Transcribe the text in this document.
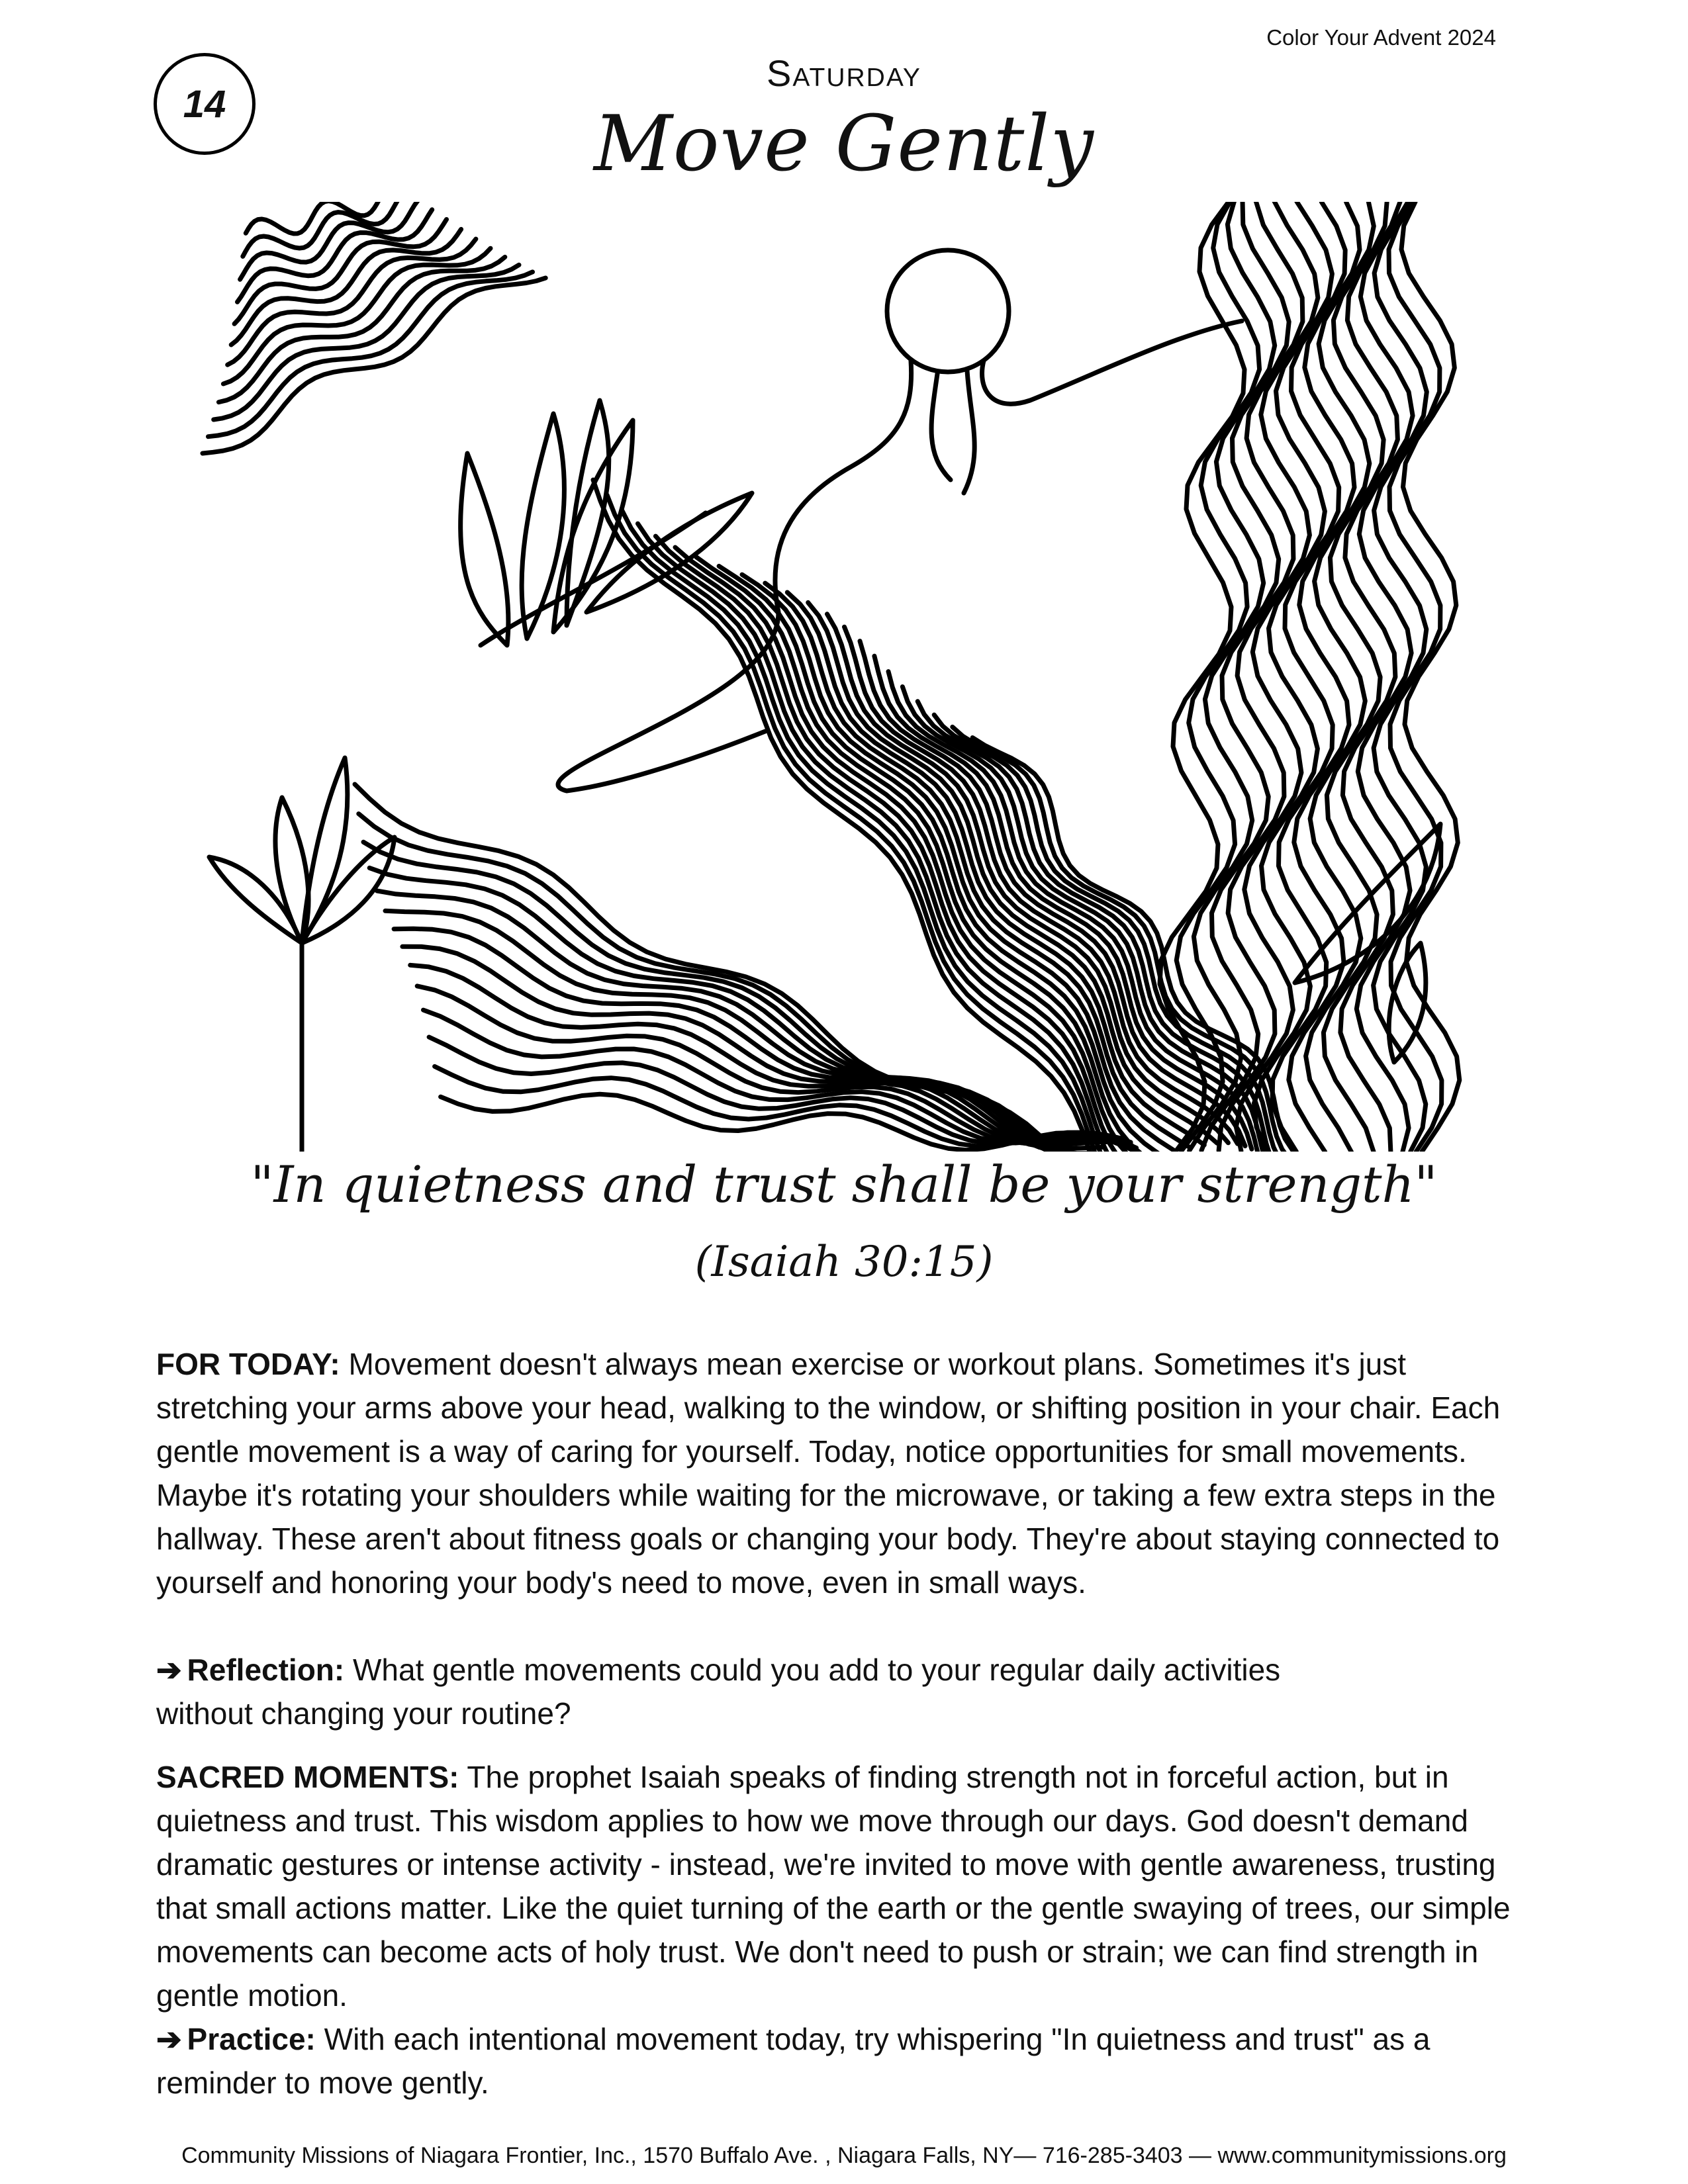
Color Your Advent 2024
14
Saturday
Move Gently
"In quietness and trust shall be your strength"
(Isaiah 30:15)
FOR TODAY: Movement doesn't always mean exercise or workout plans. Sometimes it's just stretching your arms above your head, walking to the window, or shifting position in your chair. Each gentle movement is a way of caring for yourself. Today, notice opportunities for small movements. Maybe it's rotating your shoulders while waiting for the microwave, or taking a few extra steps in the hallway. These aren't about fitness goals or changing your body. They're about staying connected to yourself and honoring your body's need to move, even in small ways.
➔ Reflection: What gentle movements could you add to your regular daily activities without changing your routine?
SACRED MOMENTS: The prophet Isaiah speaks of finding strength not in forceful action, but in quietness and trust. This wisdom applies to how we move through our days. God doesn't demand dramatic gestures or intense activity - instead, we're invited to move with gentle awareness, trusting that small actions matter. Like the quiet turning of the earth or the gentle swaying of trees, our simple movements can become acts of holy trust. We don't need to push or strain; we can find strength in gentle motion.
➔ Practice: With each intentional movement today, try whispering "In quietness and trust" as a reminder to move gently.
Community Missions of Niagara Frontier, Inc., 1570 Buffalo Ave. , Niagara Falls, NY— 716-285-3403 — www.communitymissions.org
